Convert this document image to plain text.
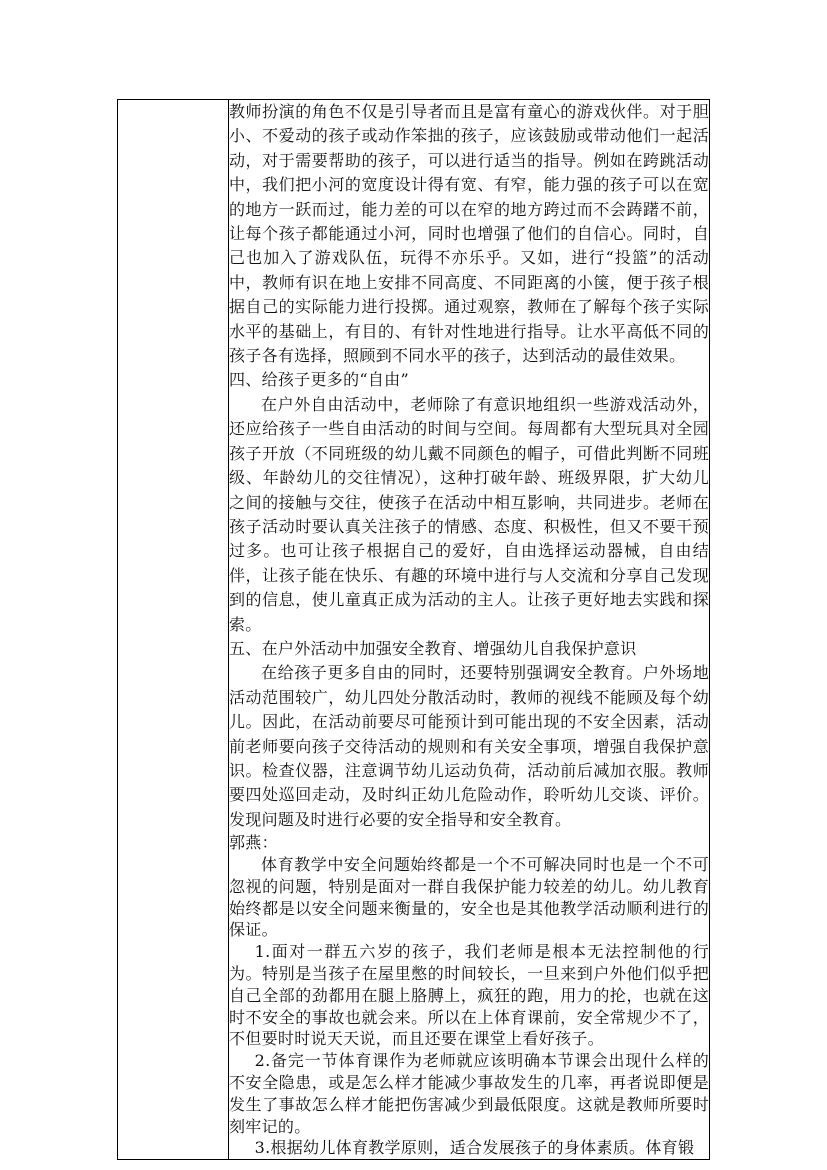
教师扮演的角色不仅是引导者而且是富有童心的游戏伙伴。对于胆小、不爱动的孩子或动作笨拙的孩子，应该鼓励或带动他们一起活动，对于需要帮助的孩子，可以进行适当的指导。例如在跨跳活动中，我们把小河的宽度设计得有宽、有窄，能力强的孩子可以在宽的地方一跃而过，能力差的可以在窄的地方跨过而不会踌躇不前，让每个孩子都能通过小河，同时也增强了他们的自信心。同时，自己也加入了游戏队伍，玩得不亦乐乎。又如，进行“投篮”的活动中，教师有识在地上安排不同高度、不同距离的小箧，便于孩子根据自己的实际能力进行投掷。通过观察，教师在了解每个孩子实际水平的基础上，有目的、有针对性地进行指导。让水平高低不同的孩子各有选择，照顾到不同水平的孩子，达到活动的最佳效果。

四、给孩子更多的“自由”

在户外自由活动中，老师除了有意识地组织一些游戏活动外，还应给孩子一些自由活动的时间与空间。每周都有大型玩具对全园孩子开放（不同班级的幼儿戴不同颜色的帽子，可借此判断不同班级、年龄幼儿的交往情况），这种打破年龄、班级界限，扩大幼儿之间的接触与交往，使孩子在活动中相互影响，共同进步。老师在孩子活动时要认真关注孩子的情感、态度、积极性，但又不要干预过多。也可让孩子根据自己的爱好，自由选择运动器械，自由结伴，让孩子能在快乐、有趣的环境中进行与人交流和分享自己发现到的信息，使儿童真正成为活动的主人。让孩子更好地去实践和探索。

五、在户外活动中加强安全教育、增强幼儿自我保护意识

在给孩子更多自由的同时，还要特别强调安全教育。户外场地活动范围较广，幼儿四处分散活动时，教师的视线不能顾及每个幼儿。因此，在活动前要尽可能预计到可能出现的不安全因素，活动前老师要向孩子交待活动的规则和有关安全事项，增强自我保护意识。检查仪器，注意调节幼儿运动负荷，活动前后减加衣服。教师要四处巡回走动，及时纠正幼儿危险动作，聆听幼儿交谈、评价。发现问题及时进行必要的安全指导和安全教育。

郭燕：

体育教学中安全问题始终都是一个不可解决同时也是一个不可忽视的问题，特别是面对一群自我保护能力较差的幼儿。幼儿教育始终都是以安全问题来衡量的，安全也是其他教学活动顺利进行的保证。

1.面对一群五六岁的孩子，我们老师是根本无法控制他的行为。特别是当孩子在屋里憋的时间较长，一旦来到户外他们似乎把自己全部的劲都用在腿上胳膊上，疯狂的跑，用力的抡，也就在这时不安全的事故也就会来。所以在上体育课前，安全常规少不了，不但要时时说天天说，而且还要在课堂上看好孩子。

2.备完一节体育课作为老师就应该明确本节课会出现什么样的不安全隐患，或是怎么样才能减少事故发生的几率，再者说即便是发生了事故怎么样才能把伤害减少到最低限度。这就是教师所要时刻牢记的。

3.根据幼儿体育教学原则，适合发展孩子的身体素质。体育锻
